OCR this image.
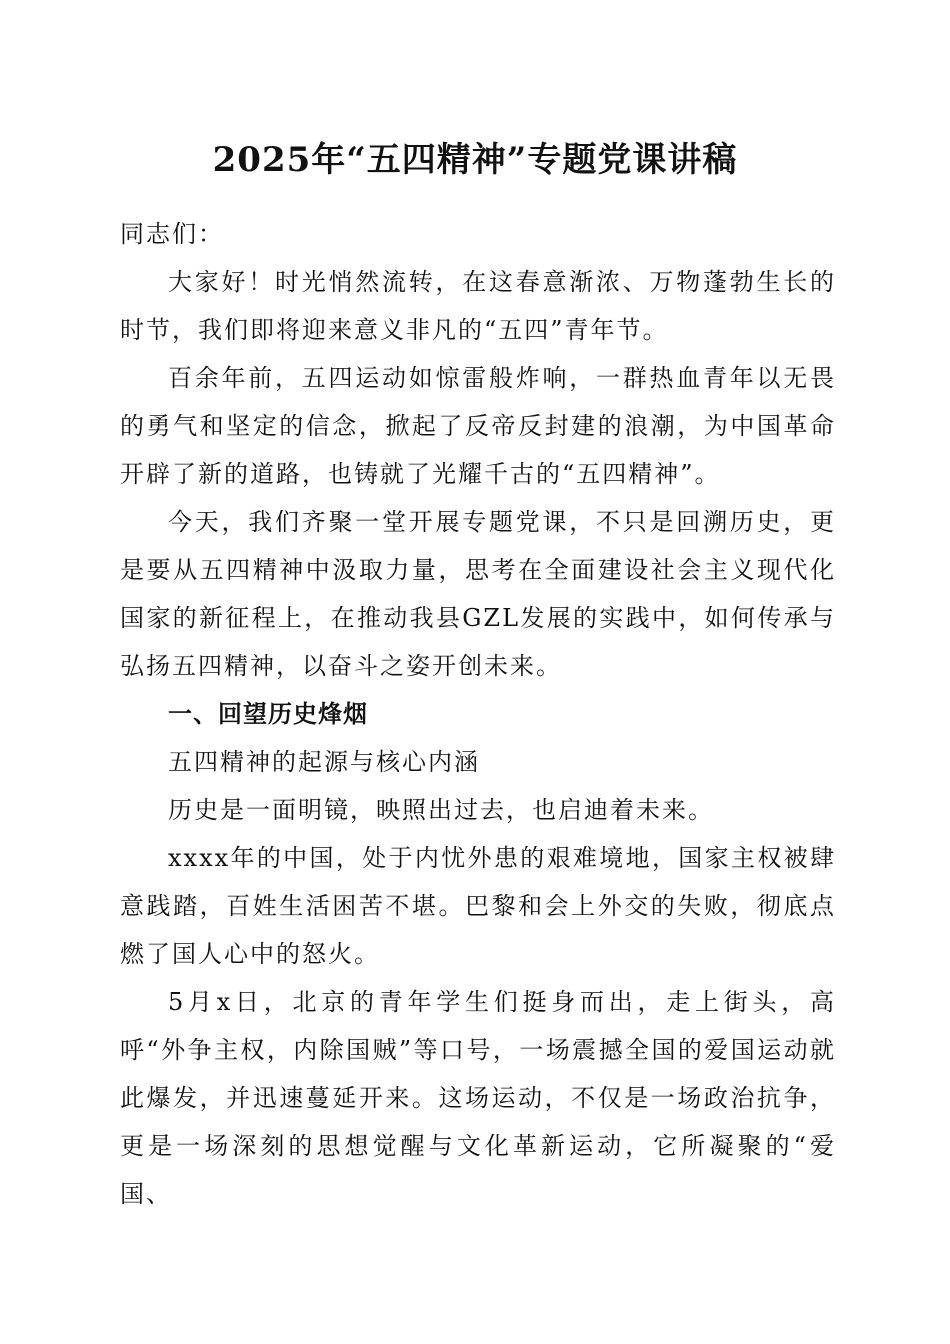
2025年“五四精神”专题党课讲稿

同志们：

大家好！时光悄然流转，在这春意渐浓、万物蓬勃生长的时节，我们即将迎来意义非凡的“五四”青年节。

百余年前，五四运动如惊雷般炸响，一群热血青年以无畏的勇气和坚定的信念，掀起了反帝反封建的浪潮，为中国革命开辟了新的道路，也铸就了光耀千古的“五四精神”。

今天，我们齐聚一堂开展专题党课，不只是回溯历史，更是要从五四精神中汲取力量，思考在全面建设社会主义现代化国家的新征程上，在推动我县GZL发展的实践中，如何传承与弘扬五四精神，以奋斗之姿开创未来。

一、回望历史烽烟

五四精神的起源与核心内涵

历史是一面明镜，映照出过去，也启迪着未来。

xxxx年的中国，处于内忧外患的艰难境地，国家主权被肆意践踏，百姓生活困苦不堪。巴黎和会上外交的失败，彻底点燃了国人心中的怒火。

5月x日，北京的青年学生们挺身而出，走上街头，高呼“外争主权，内除国贼”等口号，一场震撼全国的爱国运动就此爆发，并迅速蔓延开来。这场运动，不仅是一场政治抗争，更是一场深刻的思想觉醒与文化革新运动，它所凝聚的“爱国、
